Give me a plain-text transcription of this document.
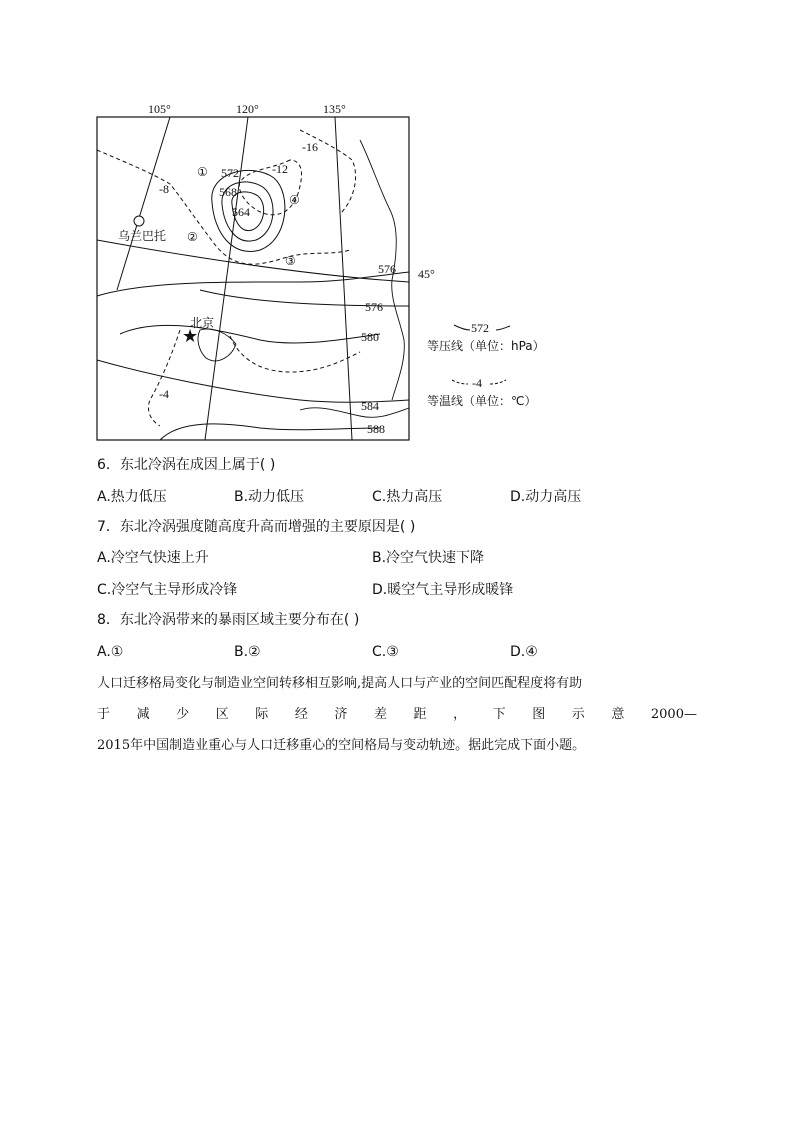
105°	120°	135°
572
568
564
576
576
580
584
588
-16
-12
-8
-4
45°
①
②
③
④
乌兰巴托
★
北京	572
等压线（单位：hPa）
-4
等温线（单位：℃）
6．东北冷涡在成因上属于( )
A.热力低压	B.动力低压	C.热力高压	D.动力高压
7．东北冷涡强度随高度升高而增强的主要原因是( )
A.冷空气快速上升	B.冷空气快速下降
C.冷空气主导形成冷锋	D.暖空气主导形成暖锋
8．东北冷涡带来的暴雨区域主要分布在( )
A.①	B.②	C.③	D.④
人口迁移格局变化与制造业空间转移相互影响,提高人口与产业的空间匹配程度将有助
于 减 少 区 际 经 济 差 距 ， 下 图 示 意 2000—
2015年中国制造业重心与人口迁移重心的空间格局与变动轨迹。据此完成下面小题。
